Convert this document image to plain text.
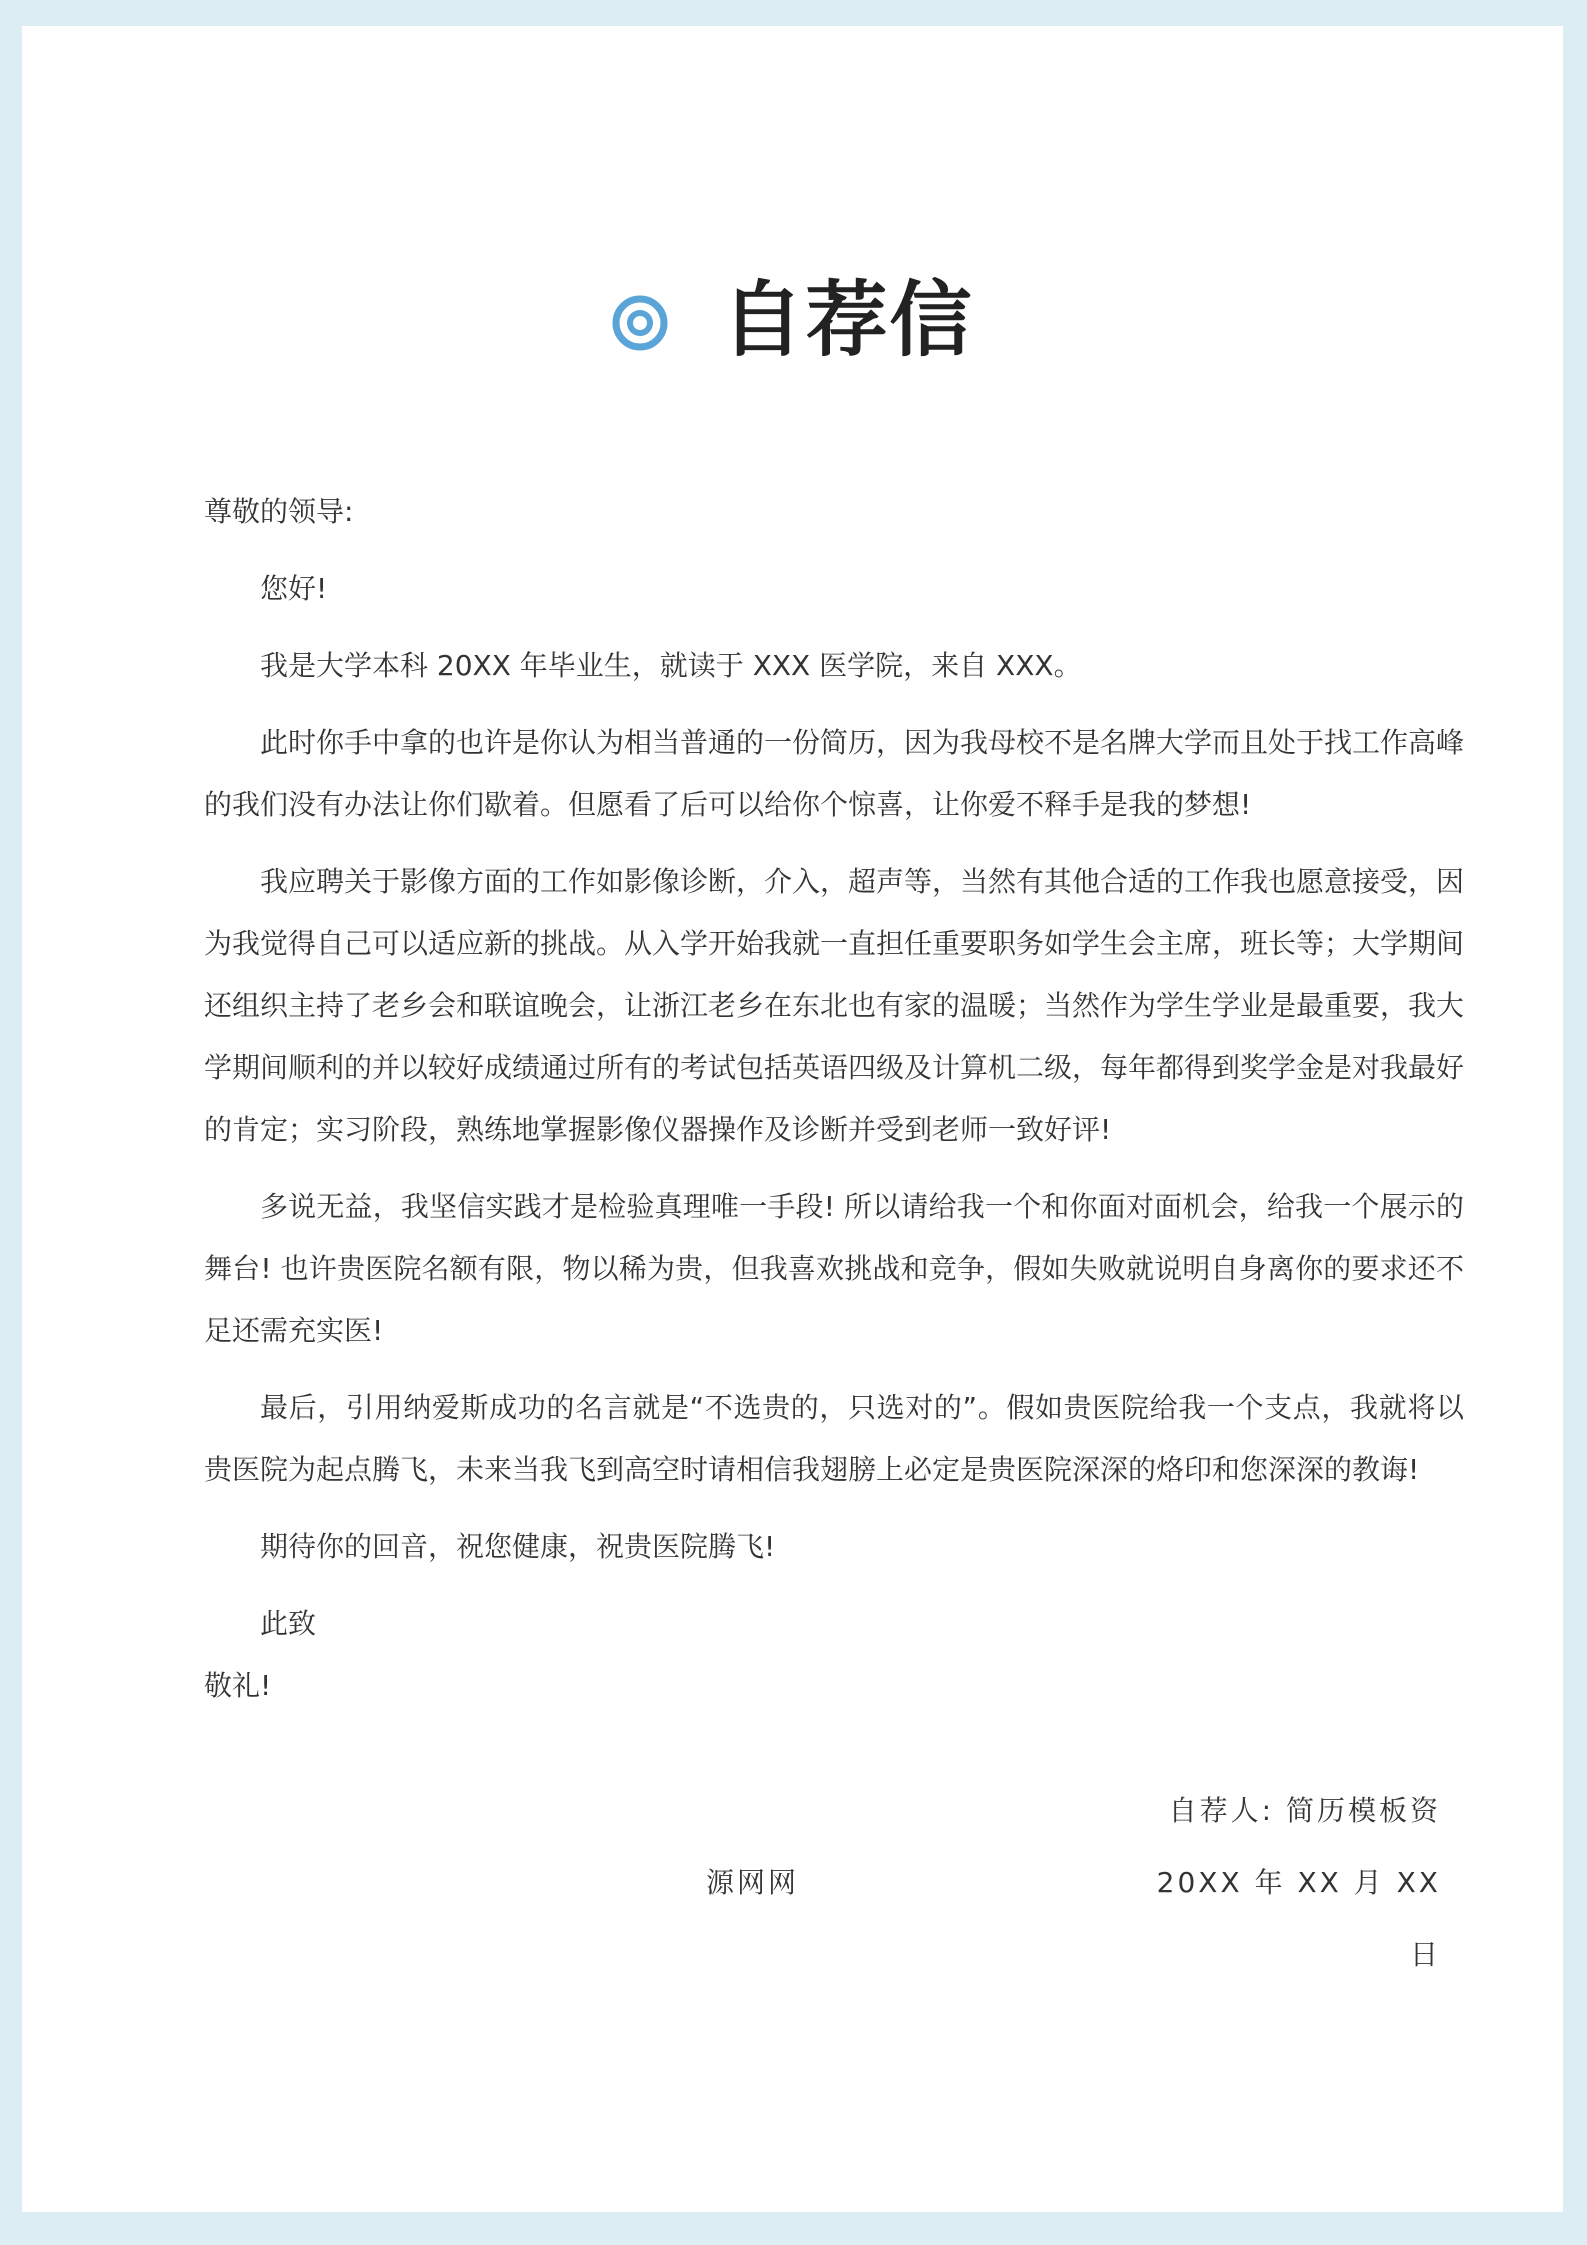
自荐信

尊敬的领导:

您好!

我是大学本科 20XX 年毕业生，就读于 XXX 医学院，来自 XXX。

此时你手中拿的也许是你认为相当普通的一份简历，因为我母校不是名牌大学而且处于找工作高峰的我们没有办法让你们歇着。但愿看了后可以给你个惊喜，让你爱不释手是我的梦想!

我应聘关于影像方面的工作如影像诊断，介入，超声等，当然有其他合适的工作我也愿意接受，因为我觉得自己可以适应新的挑战。从入学开始我就一直担任重要职务如学生会主席，班长等；大学期间还组织主持了老乡会和联谊晚会，让浙江老乡在东北也有家的温暖；当然作为学生学业是最重要，我大学期间顺利的并以较好成绩通过所有的考试包括英语四级及计算机二级，每年都得到奖学金是对我最好的肯定；实习阶段，熟练地掌握影像仪器操作及诊断并受到老师一致好评!

多说无益，我坚信实践才是检验真理唯一手段! 所以请给我一个和你面对面机会，给我一个展示的舞台! 也许贵医院名额有限，物以稀为贵，但我喜欢挑战和竞争，假如失败就说明自身离你的要求还不足还需充实医!

最后，引用纳爱斯成功的名言就是“不选贵的，只选对的”。假如贵医院给我一个支点，我就将以贵医院为起点腾飞，未来当我飞到高空时请相信我翅膀上必定是贵医院深深的烙印和您深深的教诲!

期待你的回音，祝您健康，祝贵医院腾飞!

此致

敬礼!

自荐人: 简历模板资
源网网	20XX 年 XX 月 XX
日
